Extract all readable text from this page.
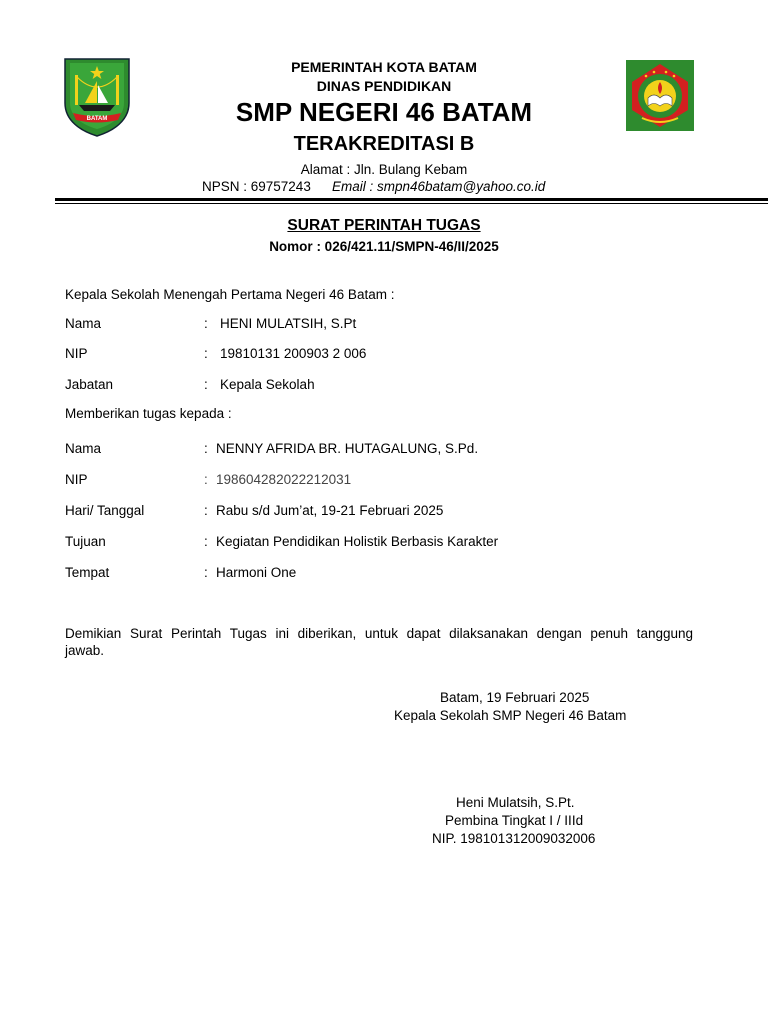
BATAM
PEMERINTAH KOTA BATAM
DINAS PENDIDIKAN
SMP NEGERI 46 BATAM
TERAKREDITASI B
Alamat : Jln. Bulang Kebam
NPSN : 69757243 Email : smpn46batam@yahoo.co.id
SURAT PERINTAH TUGAS
Nomor : 026/421.11/SMPN-46/II/2025
Kepala Sekolah Menengah Pertama Negeri 46 Batam :
Nama	: HENI MULATSIH, S.Pt
NIP	: 19810131 200903 2 006
Jabatan	: Kepala Sekolah
Memberikan tugas kepada :
Nama	: NENNY AFRIDA BR. HUTAGALUNG, S.Pd.
NIP	: 198604282022212031
Hari/ Tanggal	: Rabu s/d Jum’at, 19-21 Februari 2025
Tujuan	: Kegiatan Pendidikan Holistik Berbasis Karakter
Tempat	: Harmoni One
Demikian Surat Perintah Tugas ini diberikan, untuk dapat dilaksanakan dengan penuh tanggung
jawab.
Batam, 19 Februari 2025
Kepala Sekolah SMP Negeri 46 Batam
Heni Mulatsih, S.Pt.
Pembina Tingkat I / IIId
NIP. 198101312009032006
